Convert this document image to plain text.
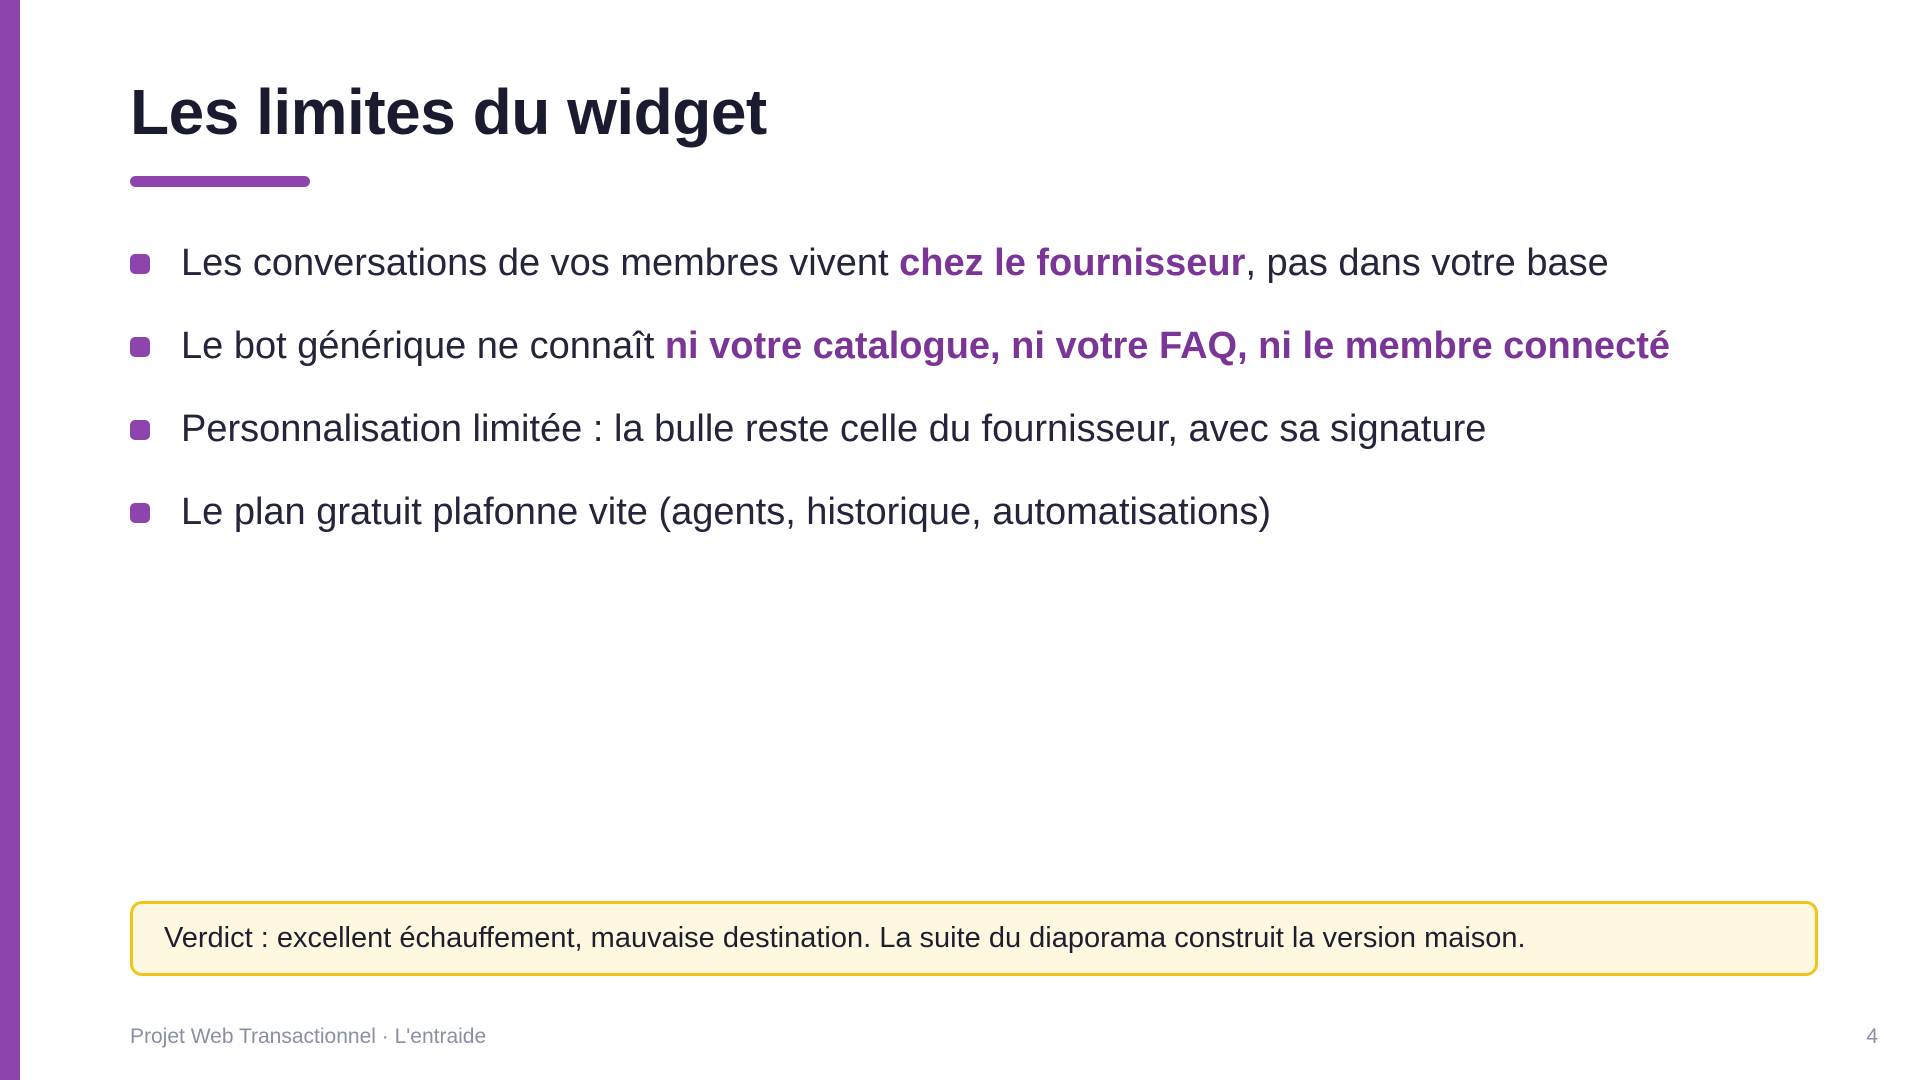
Les limites du widget
Les conversations de vos membres vivent chez le fournisseur, pas dans votre base
Le bot générique ne connaît ni votre catalogue, ni votre FAQ, ni le membre connecté
Personnalisation limitée : la bulle reste celle du fournisseur, avec sa signature
Le plan gratuit plafonne vite (agents, historique, automatisations)
Verdict : excellent échauffement, mauvaise destination. La suite du diaporama construit la version maison.
Projet Web Transactionnel · L'entraide	4
